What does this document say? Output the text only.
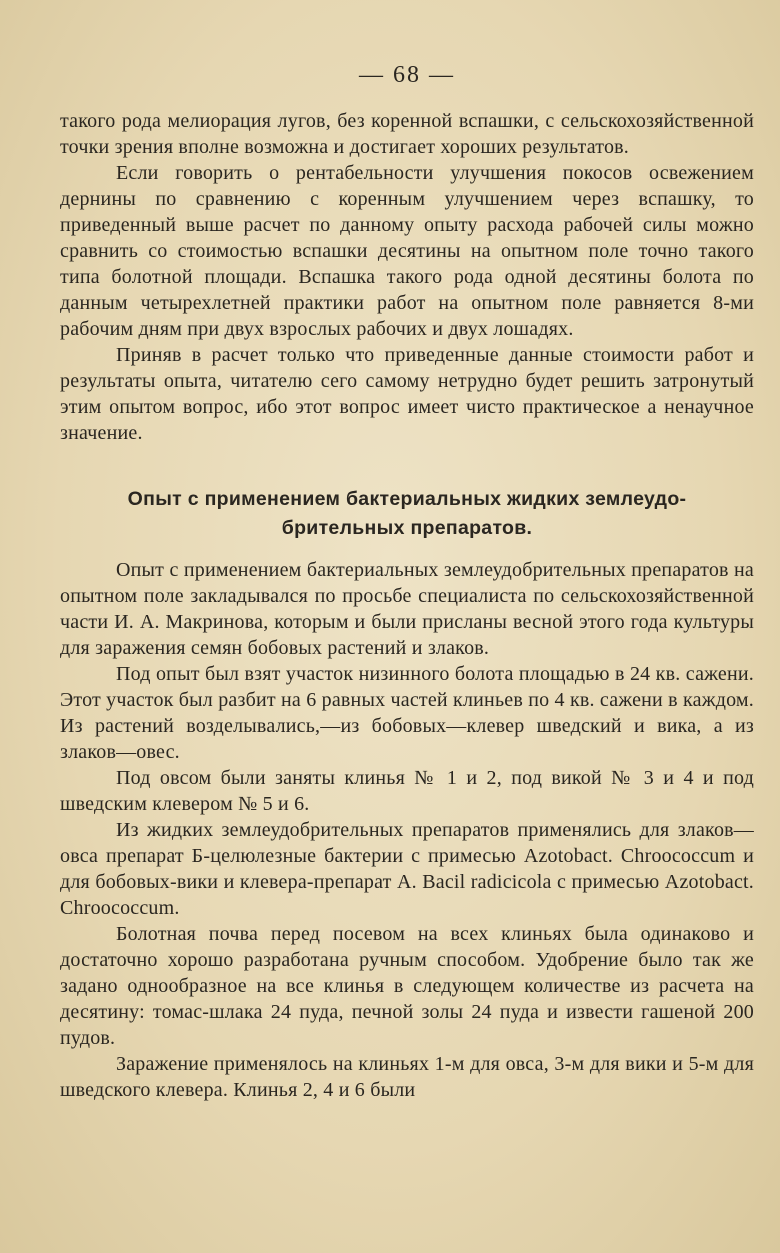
— 68 —

такого рода мелиорация лугов, без коренной вспашки, с сельскохозяйственной точки зрения вполне возможна и достигает хороших результатов.

Если говорить о рентабельности улучшения покосов освежением дернины по сравнению с коренным улучшением через вспашку, то приведенный выше расчет по данному опыту расхода рабочей силы можно сравнить со стоимостью вспашки десятины на опытном поле точно такого типа болотной площади. Вспашка такого рода одной десятины болота по данным четырехлетней практики работ на опытном поле равняется 8-ми рабочим дням при двух взрослых рабочих и двух лошадях.

Приняв в расчет только что приведенные данные стоимости работ и результаты опыта, читателю сего самому нетрудно будет решить затронутый этим опытом вопрос, ибо этот вопрос имеет чисто практическое а ненаучное значение.

Опыт с применением бактериальных жидких землеудо-
брительных препаратов.

Опыт с применением бактериальных землеудобрительных препаратов на опытном поле закладывался по просьбе специалиста по сельскохозяйственной части И. А. Макринова, которым и были присланы весной этого года культуры для заражения семян бобовых растений и злаков.

Под опыт был взят участок низинного болота площадью в 24 кв. сажени. Этот участок был разбит на 6 равных частей клиньев по 4 кв. сажени в каждом. Из растений возделывались,—из бобовых—клевер шведский и вика, а из злаков—овес.

Под овсом были заняты клинья № 1 и 2, под викой № 3 и 4 и под шведским клевером № 5 и 6.

Из жидких землеудобрительных препаратов применялись для злаков—овса препарат Б-целюлезные бактерии с примесью Azotobact. Chroococcum и для бобовых-вики и клевера-препарат А. Bacil radicicola с примесью Azotobact. Chroococcum.

Болотная почва перед посевом на всех клиньях была одинаково и достаточно хорошо разработана ручным способом. Удобрение было так же задано однообразное на все клинья в следующем количестве из расчета на десятину: томас-шлака 24 пуда, печной золы 24 пуда и извести гашеной 200 пудов.

Заражение применялось на клиньях 1-м для овса, 3-м для вики и 5-м для шведского клевера. Клинья 2, 4 и 6 были
